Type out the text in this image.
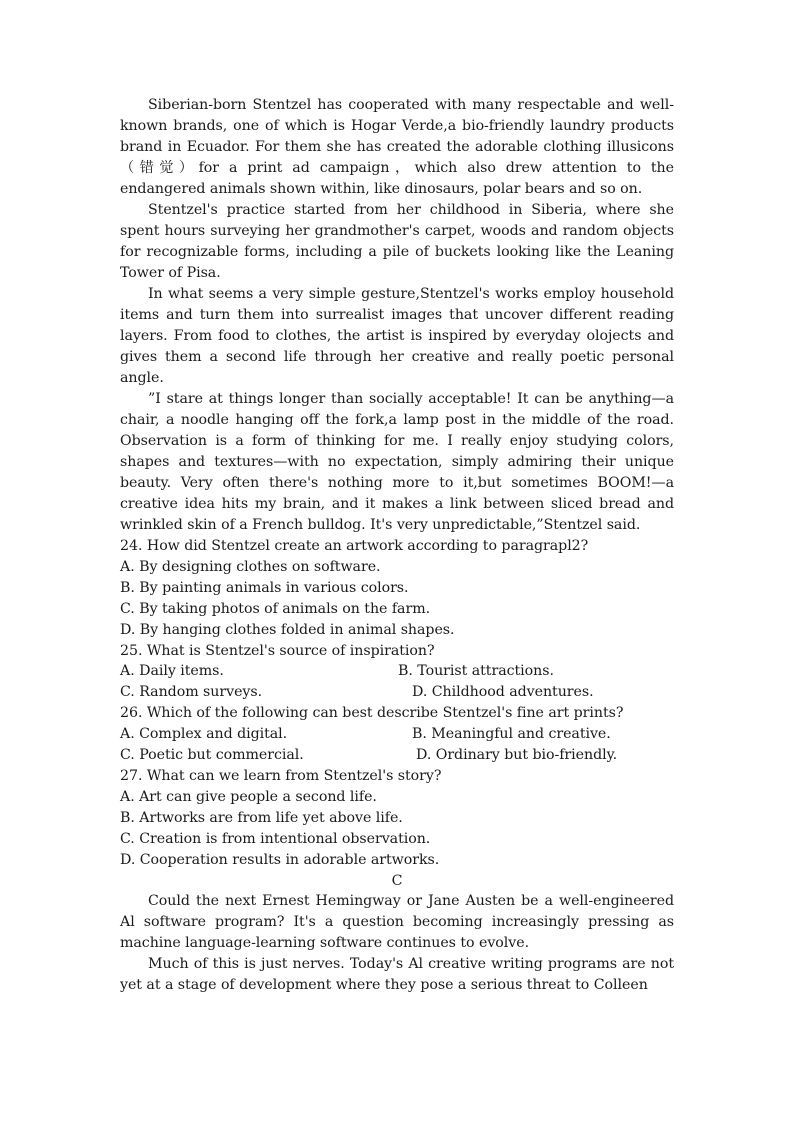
Siberian-born Stentzel has cooperated with many respectable and well-known brands, one of which is Hogar Verde,a bio-friendly laundry products brand in Ecuador. For them she has created the adorable clothing illusicons（错觉）for a print ad campaign，which also drew attention to the endangered animals shown within, like dinosaurs, polar bears and so on.

Stentzel's practice started from her childhood in Siberia, where she spent hours surveying her grandmother's carpet, woods and random objects for recognizable forms, including a pile of buckets looking like the Leaning Tower of Pisa.

In what seems a very simple gesture,Stentzel's works employ household items and turn them into surrealist images that uncover different reading layers. From food to clothes, the artist is inspired by everyday olojects and gives them a second life through her creative and really poetic personal angle.

”I stare at things longer than socially acceptable! It can be anything—a chair, a noodle hanging off the fork,a lamp post in the middle of the road. Observation is a form of thinking for me. I really enjoy studying colors, shapes and textures—with no expectation, simply admiring their unique beauty. Very often there's nothing more to it,but sometimes BOOM!—a creative idea hits my brain, and it makes a link between sliced bread and wrinkled skin of a French bulldog. It's very unpredictable,”Stentzel said.

24. How did Stentzel create an artwork according to paragrapl2?

A. By designing clothes on software.

B. By painting animals in various colors.

C. By taking photos of animals on the farm.

D. By hanging clothes folded in animal shapes.

25. What is Stentzel's source of inspiration?

A. Daily items.	B. Tourist attractions.
C. Random surveys.	D. Childhood adventures.

26. Which of the following can best describe Stentzel's fine art prints?

A. Complex and digital.	B. Meaningful and creative.
C. Poetic but commercial.	D. Ordinary but bio-friendly.

27. What can we learn from Stentzel's story?

A. Art can give people a second life.

B. Artworks are from life yet above life.

C. Creation is from intentional observation.

D. Cooperation results in adorable artworks.

C

Could the next Ernest Hemingway or Jane Austen be a well-engineered Al software program? It's a question becoming increasingly pressing as machine language-learning software continues to evolve.

Much of this is just nerves. Today's Al creative writing programs are not yet at a stage of development where they pose a serious threat to Colleen
